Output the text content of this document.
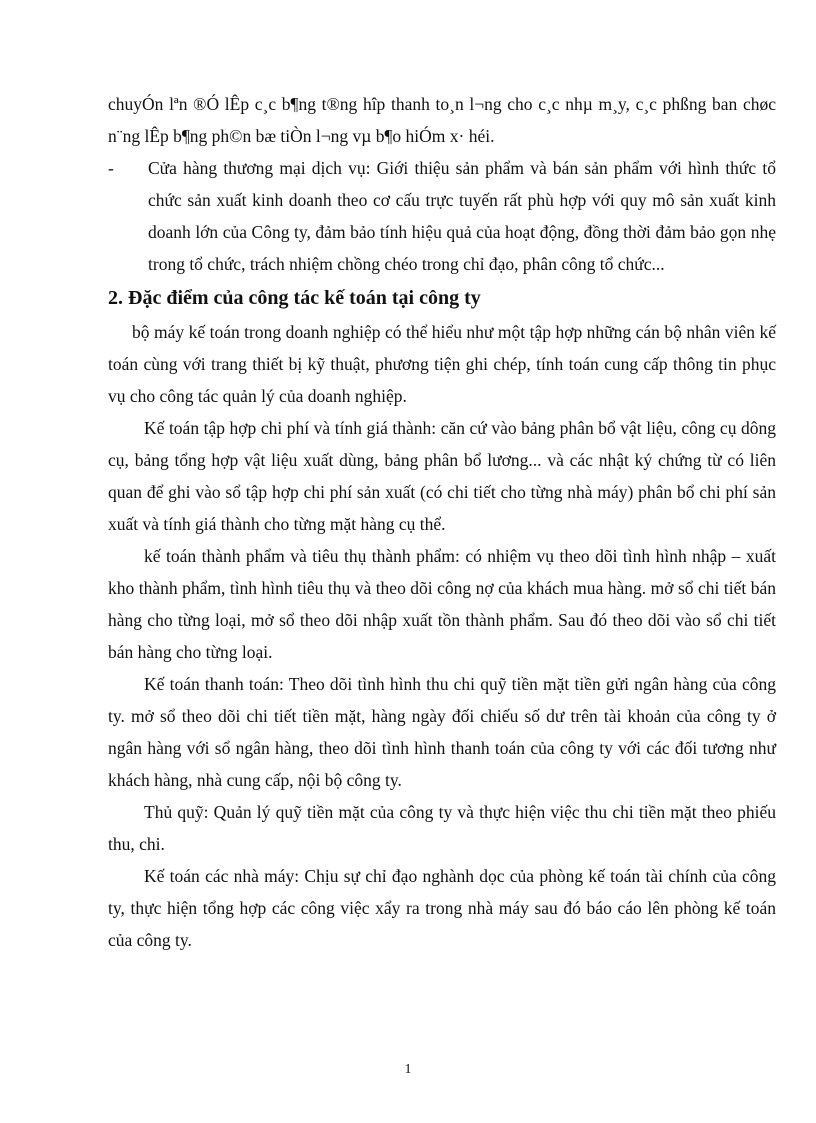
chuyÓn lªn ®Ó lÊp c¸c b¶ng t®ng hîp thanh to¸n l¬ng cho c¸c nhµ m¸y, c¸c phßng ban chøc n¨ng lÊp b¶ng ph©n bæ tiÒn l¬ng vµ b¶o hiÓm x· héi.

-	Cửa hàng thương mại dịch vụ: Giới thiệu sản phẩm và bán sản phẩm với hình thức tổ chức sản xuất kinh doanh theo cơ cấu trực tuyến rất phù hợp với quy mô sản xuất kinh doanh lớn của Công ty, đảm bảo tính hiệu quả của hoạt động, đồng thời đảm bảo gọn nhẹ trong tổ chức, trách nhiệm chồng chéo trong chỉ đạo, phân công tổ chức...

2. Đặc điểm của công tác kế toán tại công ty

bộ máy kế toán trong doanh nghiệp có thể hiểu như một tập hợp những cán bộ nhân viên kế toán cùng với trang thiết bị kỹ thuật, phương tiện ghi chép, tính toán cung cấp thông tin phục vụ cho công tác quản lý của doanh nghiệp.

Kế toán tập hợp chi phí và tính giá thành: căn cứ vào bảng phân bổ vật liệu, công cụ dông cụ, bảng tổng hợp vật liệu xuất dùng, bảng phân bổ lương... và các nhật ký chứng từ có liên quan để ghi vào sổ tập hợp chi phí sản xuất (có chi tiết cho từng nhà máy) phân bổ chi phí sản xuất và tính giá thành cho từng mặt hàng cụ thể.

kế toán thành phẩm và tiêu thụ thành phẩm: có nhiệm vụ theo dõi tình hình nhập – xuất kho thành phẩm, tình hình tiêu thụ và theo dõi công nợ của khách mua hàng. mở sổ chi tiết bán hàng cho từng loại, mở sổ theo dõi nhập xuất tồn thành phẩm. Sau đó theo dõi vào sổ chi tiết bán hàng cho từng loại.

Kế toán thanh toán: Theo dõi tình hình thu chi quỹ tiền mặt tiền gửi ngân hàng của công ty. mở sổ theo dõi chi tiết tiền mặt, hàng ngày đối chiếu số dư trên tài khoản của công ty ở ngân hàng với sổ ngân hàng, theo dõi tình hình thanh toán của công ty với các đối tương như khách hàng, nhà cung cấp, nội bộ công ty.

Thủ quỹ: Quản lý quỹ tiền mặt của công ty và thực hiện việc thu chi tiền mặt theo phiếu thu, chi.

Kế toán các nhà máy: Chịu sự chỉ đạo nghành dọc của phòng kế toán tài chính của công ty, thực hiện tổng hợp các công việc xẩy ra trong nhà máy sau đó báo cáo lên phòng kế toán của công ty.

1
